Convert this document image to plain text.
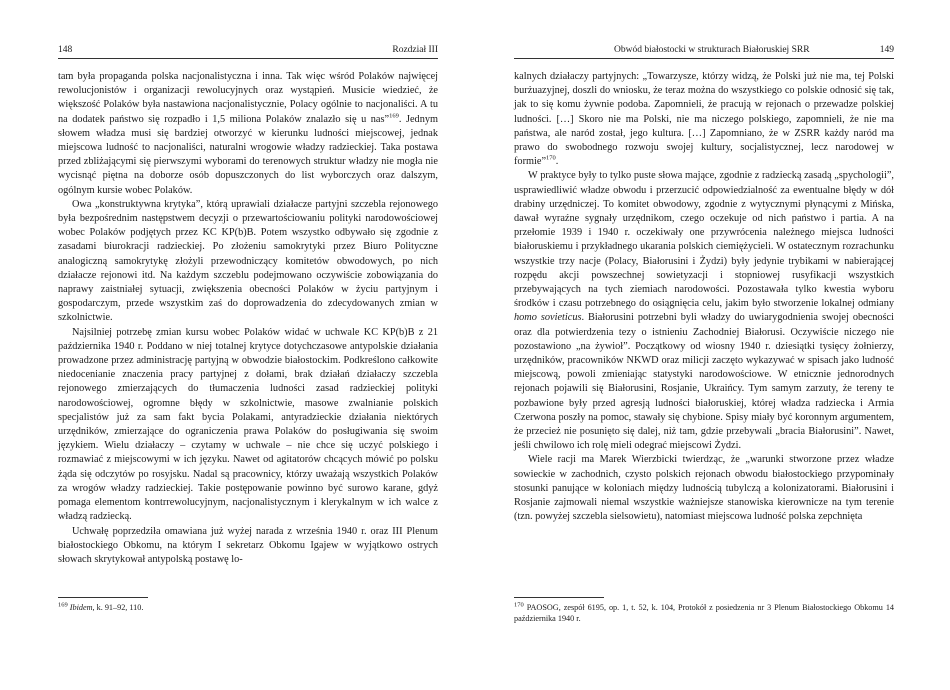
148	Rozdział III

tam była propaganda polska nacjonalistyczna i inna. Tak więc wśród Polaków najwięcej rewolucjonistów i organizacji rewolucyjnych oraz wystąpień. Musicie wiedzieć, że większość Polaków była nastawiona nacjonalistycznie, Polacy ogólnie to nacjonaliści. A tu na dodatek państwo się rozpadło i 1,5 miliona Polaków znalazło się u nas”$^{169}$. Jednym słowem władza musi się bardziej otworzyć w kierunku ludności miejscowej, jednak miejscowa ludność to nacjonaliści, naturalni wrogowie władzy radzieckiej. Taka postawa przed zbliżającymi się pierwszymi wyborami do terenowych struktur władzy nie mogła nie wycisnąć piętna na doborze osób dopuszczonych do list wyborczych oraz dalszym, ogólnym kursie wobec Polaków.

Owa „konstruktywna krytyka”, którą uprawiali działacze partyjni szczebla rejonowego była bezpośrednim następstwem decyzji o przewartościowaniu polityki narodowościowej wobec Polaków podjętych przez KC KP(b)B. Potem wszystko odbywało się zgodnie z zasadami biurokracji radzieckiej. Po złożeniu samokrytyki przez Biuro Polityczne analogiczną samokrytykę złożyli przewodniczący komitetów obwodowych, po nich działacze rejonowi itd. Na każdym szczeblu podejmowano oczywiście zobowiązania do naprawy zaistniałej sytuacji, zwiększenia obecności Polaków w życiu partyjnym i gospodarczym, przede wszystkim zaś do doprowadzenia do zdecydowanych zmian w szkolnictwie.

Najsilniej potrzebę zmian kursu wobec Polaków widać w uchwale KC KP(b)B z 21 października 1940 r. Poddano w niej totalnej krytyce dotychczasowe antypolskie działania prowadzone przez administrację partyjną w obwodzie białostockim. Podkreślono całkowite niedocenianie znaczenia pracy partyjnej z dołami, brak działań działaczy szczebla rejonowego zmierzających do tłumaczenia ludności zasad radzieckiej polityki narodowościowej, ogromne błędy w szkolnictwie, masowe zwalnianie polskich specjalistów już za sam fakt bycia Polakami, antyradzieckie działania niektórych urzędników, zmierzające do ograniczenia prawa Polaków do posługiwania się swoim językiem. Wielu działaczy – czytamy w uchwale – nie chce się uczyć polskiego i rozmawiać z miejscowymi w ich języku. Nawet od agitatorów chcących mówić po polsku żąda się odczytów po rosyjsku. Nadal są pracownicy, którzy uważają wszystkich Polaków za wrogów władzy radzieckiej. Takie postępowanie powinno być surowo karane, gdyż pomaga elementom kontrrewolucyjnym, nacjonalistycznym i klerykalnym w ich walce z władzą radziecką.

Uchwałę poprzedziła omawiana już wyżej narada z września 1940 r. oraz III Plenum białostockiego Obkomu, na którym I sekretarz Obkomu Igajew w wyjątkowo ostrych słowach skrytykował antypolską postawę lo-

$^{169}$ Ibidem, k. 91–92, 110.
Obwód białostocki w strukturach Białoruskiej SRR	149

kalnych działaczy partyjnych: „Towarzysze, którzy widzą, że Polski już nie ma, tej Polski burżuazyjnej, doszli do wniosku, że teraz można do wszystkiego co polskie odnosić się tak, jak to się komu żywnie podoba. Zapomnieli, że pracują w rejonach o przewadze polskiej ludności. […] Skoro nie ma Polski, nie ma niczego polskiego, zapomnieli, że nie ma państwa, ale naród został, jego kultura. […] Zapomniano, że w ZSRR każdy naród ma prawo do swobodnego rozwoju swojej kultury, socjalistycznej, lecz narodowej w formie”$^{170}$.

W praktyce były to tylko puste słowa mające, zgodnie z radziecką zasadą „spychologii”, usprawiedliwić władze obwodu i przerzucić odpowiedzialność za ewentualne błędy w dół drabiny urzędniczej. To komitet obwodowy, zgodnie z wytycznymi płynącymi z Mińska, dawał wyraźne sygnały urzędnikom, czego oczekuje od nich państwo i partia. A na przełomie 1939 i 1940 r. oczekiwały one przywrócenia należnego miejsca ludności białoruskiemu i przykładnego ukarania polskich ciemiężycieli. W ostatecznym rozrachunku wszystkie trzy nacje (Polacy, Białorusini i Żydzi) były jedynie trybikami w nabierającej rozpędu akcji powszechnej sowietyzacji i stopniowej rusyfikacji wszystkich przebywających na tych ziemiach narodowości. Pozostawała tylko kwestia wyboru środków i czasu potrzebnego do osiągnięcia celu, jakim było stworzenie lokalnej odmiany homo sovieticus. Białorusini potrzebni byli władzy do uwiarygodnienia swojej obecności oraz dla potwierdzenia tezy o istnieniu Zachodniej Białorusi. Oczywiście niczego nie pozostawiono „na żywioł”. Początkowy od wiosny 1940 r. dziesiątki tysięcy żołnierzy, urzędników, pracowników NKWD oraz milicji zaczęto wykazywać w spisach jako ludność miejscową, powoli zmieniając statystyki narodowościowe. W etnicznie jednorodnych rejonach pojawili się Białorusini, Rosjanie, Ukraińcy. Tym samym zarzuty, że tereny te pozbawione były przed agresją ludności białoruskiej, której władza radziecka i Armia Czerwona poszły na pomoc, stawały się chybione. Spisy miały być koronnym argumentem, że przecież nie posunięto się dalej, niż tam, gdzie przebywali „bracia Białorusini”. Nawet, jeśli chwilowo ich rolę mieli odegrać miejscowi Żydzi.

Wiele racji ma Marek Wierzbicki twierdząc, że „warunki stworzone przez władze sowieckie w zachodnich, czysto polskich rejonach obwodu białostockiego przypominały stosunki panujące w koloniach między ludnością tubylczą a kolonizatorami. Białorusini i Rosjanie zajmowali niemal wszystkie ważniejsze stanowiska kierownicze na tym terenie (tzn. powyżej szczebla sielsowietu), natomiast miejscowa ludność polska zepchnięta

$^{170}$ PAOSOG, zespół 6195, op. 1, t. 52, k. 104, Protokół z posiedzenia nr 3 Plenum Białostockiego Obkomu 14 października 1940 r.
